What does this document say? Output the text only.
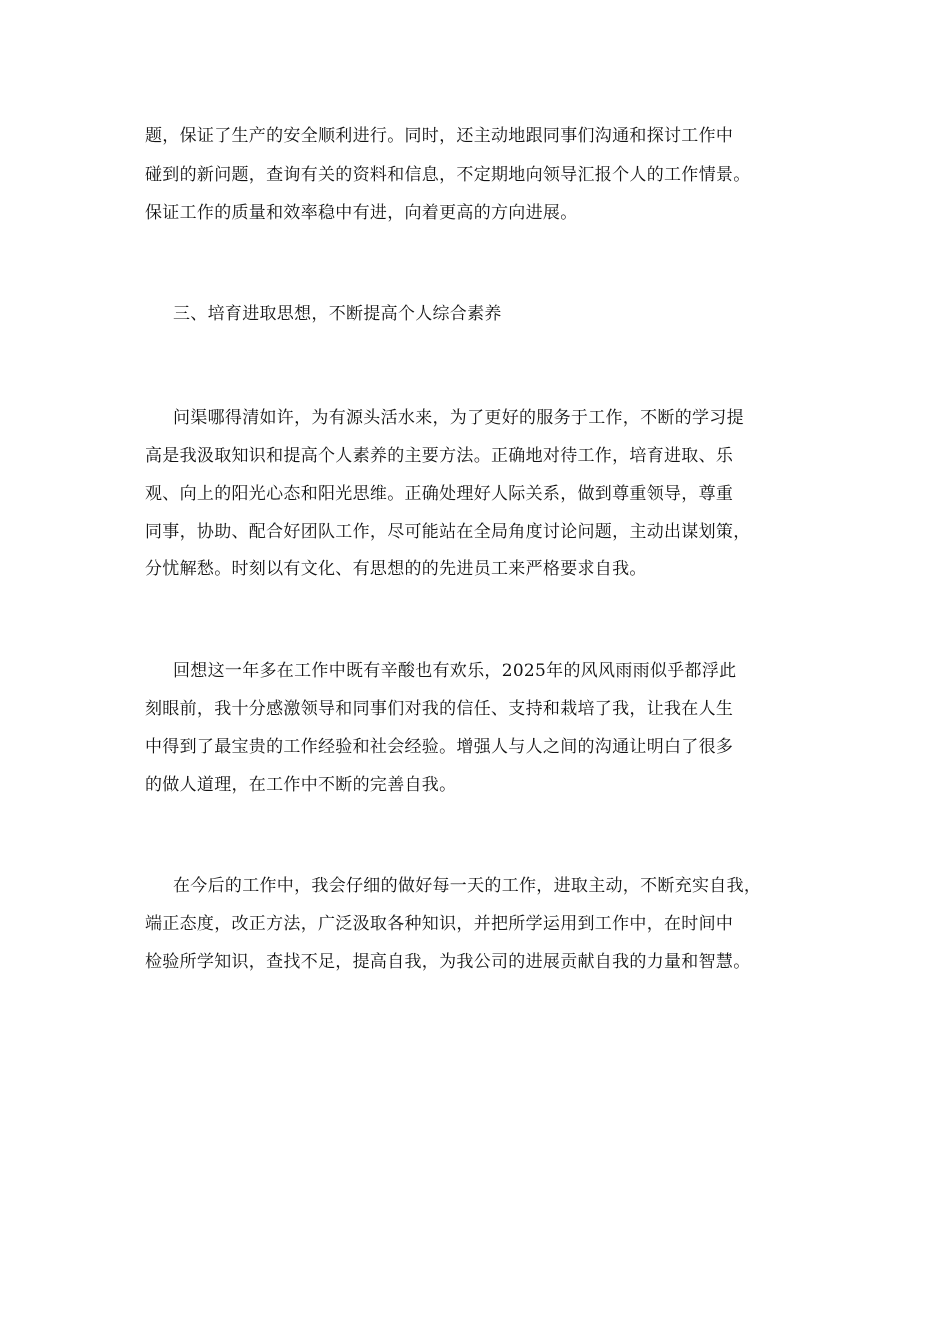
题，保证了生产的安全顺利进行。同时，还主动地跟同事们沟通和探讨工作中
碰到的新问题，查询有关的资料和信息，不定期地向领导汇报个人的工作情景。
保证工作的质量和效率稳中有进，向着更高的方向进展。
三、培育进取思想，不断提高个人综合素养
问渠哪得清如许，为有源头活水来，为了更好的服务于工作，不断的学习提
高是我汲取知识和提高个人素养的主要方法。正确地对待工作，培育进取、乐
观、向上的阳光心态和阳光思维。正确处理好人际关系，做到尊重领导，尊重
同事，协助、配合好团队工作，尽可能站在全局角度讨论问题，主动出谋划策，
分忧解愁。时刻以有文化、有思想的的先进员工来严格要求自我。
回想这一年多在工作中既有辛酸也有欢乐，2025年的风风雨雨似乎都浮此
刻眼前，我十分感激领导和同事们对我的信任、支持和栽培了我，让我在人生
中得到了最宝贵的工作经验和社会经验。增强人与人之间的沟通让明白了很多
的做人道理，在工作中不断的完善自我。
在今后的工作中，我会仔细的做好每一天的工作，进取主动，不断充实自我，
端正态度，改正方法，广泛汲取各种知识，并把所学运用到工作中，在时间中
检验所学知识，查找不足，提高自我，为我公司的进展贡献自我的力量和智慧。
